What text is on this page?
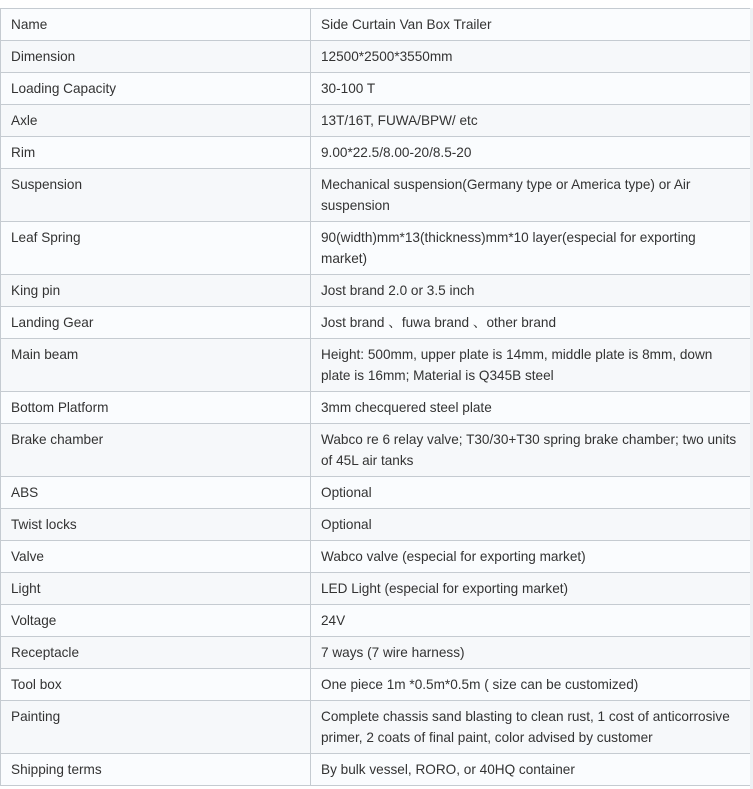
Name	Side Curtain Van Box Trailer
Dimension	12500*2500*3550mm
Loading Capacity	30-100 T
Axle	13T/16T, FUWA/BPW/ etc
Rim	9.00*22.5/8.00-20/8.5-20
Suspension	Mechanical suspension(Germany type or America type) or Air suspension
Leaf Spring	90(width)mm*13(thickness)mm*10 layer(especial for exporting market)
King pin	Jost brand 2.0 or 3.5 inch
Landing Gear	Jost brand 、fuwa brand 、other brand
Main beam	Height: 500mm, upper plate is 14mm, middle plate is 8mm, down plate is 16mm; Material is Q345B steel
Bottom Platform	3mm checquered steel plate
Brake chamber	Wabco re 6 relay valve; T30/30+T30 spring brake chamber; two units of 45L air tanks
ABS	Optional
Twist locks	Optional
Valve	Wabco valve (especial for exporting market)
Light	LED Light (especial for exporting market)
Voltage	24V
Receptacle	7 ways (7 wire harness)
Tool box	One piece 1m *0.5m*0.5m ( size can be customized)
Painting	Complete chassis sand blasting to clean rust, 1 cost of anticorrosive primer, 2 coats of final paint, color advised by customer
Shipping terms	By bulk vessel, RORO, or 40HQ container
